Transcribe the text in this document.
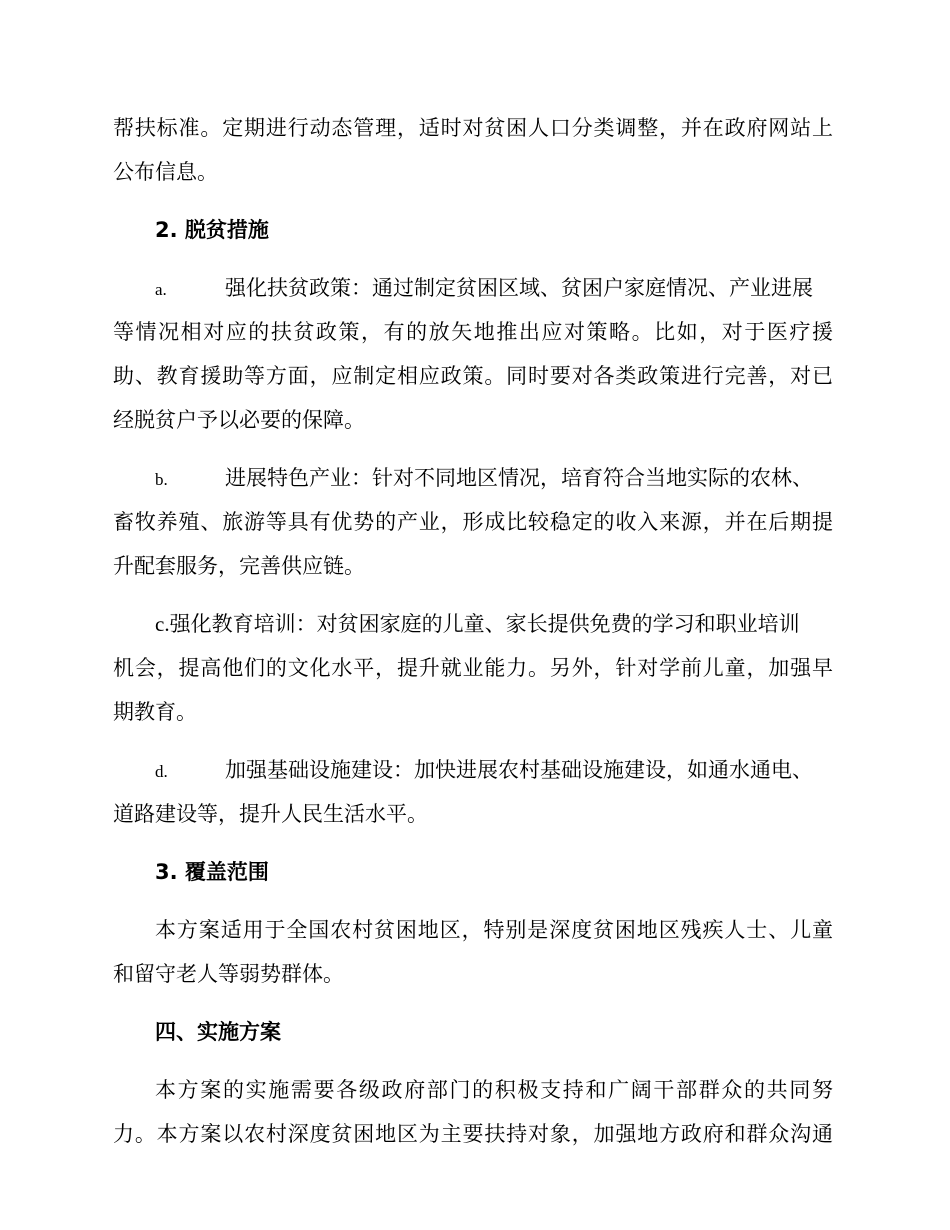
帮扶标准。定期进行动态管理，适时对贫困人口分类调整，并在政府网站上
公布信息。
2. 脱贫措施
a.	强化扶贫政策：通过制定贫困区域、贫困户家庭情况、产业进展
等情况相对应的扶贫政策，有的放矢地推出应对策略。比如，对于医疗援
助、教育援助等方面，应制定相应政策。同时要对各类政策进行完善，对已
经脱贫户予以必要的保障。
b.	进展特色产业：针对不同地区情况，培育符合当地实际的农林、
畜牧养殖、旅游等具有优势的产业，形成比较稳定的收入来源，并在后期提
升配套服务，完善供应链。
c.强化教育培训：对贫困家庭的儿童、家长提供免费的学习和职业培训
机会，提高他们的文化水平，提升就业能力。另外，针对学前儿童，加强早
期教育。
d.	加强基础设施建设：加快进展农村基础设施建设，如通水通电、
道路建设等，提升人民生活水平。
3. 覆盖范围
本方案适用于全国农村贫困地区，特别是深度贫困地区残疾人士、儿童
和留守老人等弱势群体。
四、实施方案
本方案的实施需要各级政府部门的积极支持和广阔干部群众的共同努
力。本方案以农村深度贫困地区为主要扶持对象，加强地方政府和群众沟通
